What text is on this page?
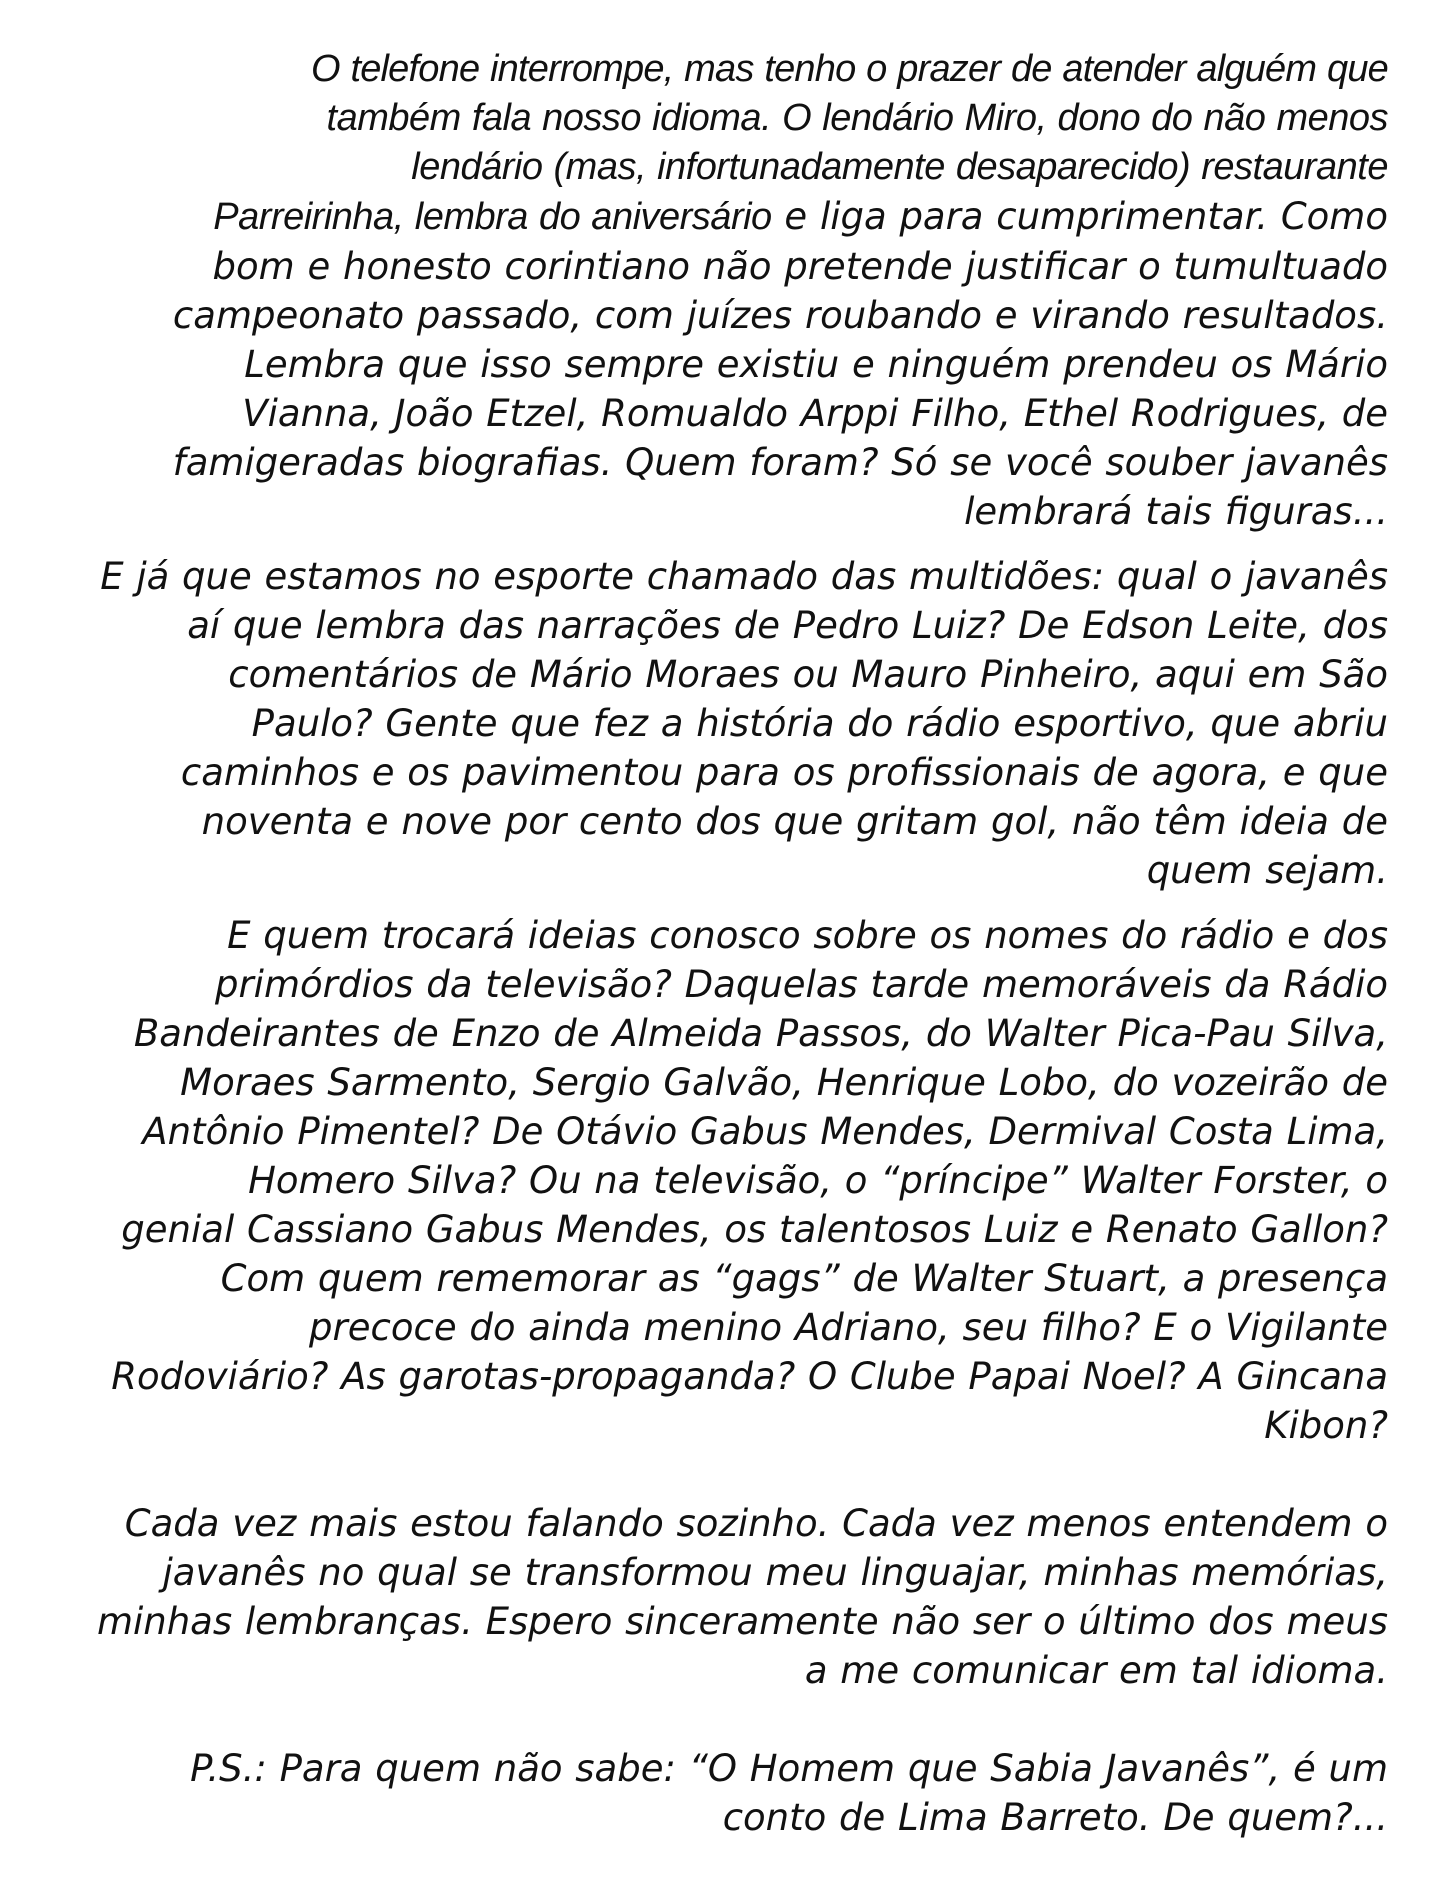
O telefone interrompe, mas tenho o prazer de atender alguém que
também fala nosso idioma. O lendário Miro, dono do não menos
lendário (mas, infortunadamente desaparecido) restaurante
Parreirinha, lembra do aniversário e liga para cumprimentar. Como
bom e honesto corintiano não pretende justificar o tumultuado
campeonato passado, com juízes roubando e virando resultados.
Lembra que isso sempre existiu e ninguém prendeu os Mário
Vianna, João Etzel, Romualdo Arppi Filho, Ethel Rodrigues, de
famigeradas biografias. Quem foram? Só se você souber javanês
lembrará tais figuras...
E já que estamos no esporte chamado das multidões: qual o javanês
aí que lembra das narrações de Pedro Luiz? De Edson Leite, dos
comentários de Mário Moraes ou Mauro Pinheiro, aqui em São
Paulo? Gente que fez a história do rádio esportivo, que abriu
caminhos e os pavimentou para os profissionais de agora, e que
noventa e nove por cento dos que gritam gol, não têm ideia de
quem sejam.
E quem trocará ideias conosco sobre os nomes do rádio e dos
primórdios da televisão? Daquelas tarde memoráveis da Rádio
Bandeirantes de Enzo de Almeida Passos, do Walter Pica-Pau Silva,
Moraes Sarmento, Sergio Galvão, Henrique Lobo, do vozeirão de
Antônio Pimentel? De Otávio Gabus Mendes, Dermival Costa Lima,
Homero Silva? Ou na televisão, o “príncipe” Walter Forster, o
genial Cassiano Gabus Mendes, os talentosos Luiz e Renato Gallon?
Com quem rememorar as “gags” de Walter Stuart, a presença
precoce do ainda menino Adriano, seu filho? E o Vigilante
Rodoviário? As garotas-propaganda? O Clube Papai Noel? A Gincana
Kibon?
Cada vez mais estou falando sozinho. Cada vez menos entendem o
javanês no qual se transformou meu linguajar, minhas memórias,
minhas lembranças. Espero sinceramente não ser o último dos meus
a me comunicar em tal idioma.
P.S.: Para quem não sabe: “O Homem que Sabia Javanês”, é um
conto de Lima Barreto. De quem?...
